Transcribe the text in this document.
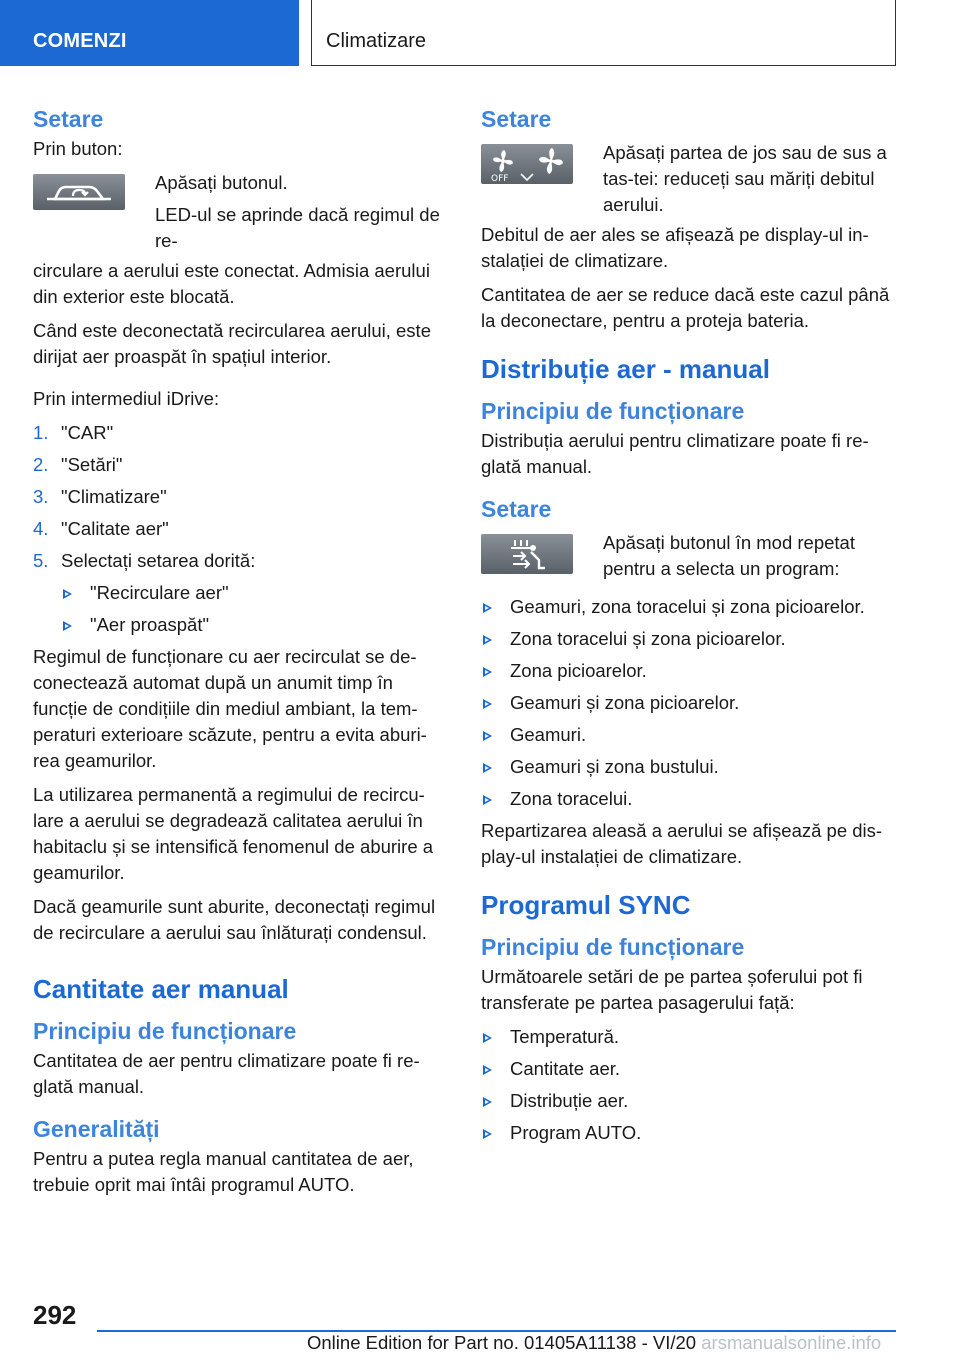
COMENZI	Climatizare
Setare

Prin buton:

Apăsați butonul.

LED-ul se aprinde dacă regimul de re-

circulare a aerului este conectat. Admisia aerului din exterior este blocată.

Când este deconectată recircularea aerului, este dirijat aer proaspăt în spațiul interior.

Prin intermediul iDrive:

1. "CAR"
2. "Setări"
3. "Climatizare"
4. "Calitate aer"
5. Selectați setarea dorită:
"Recirculare aer"
"Aer proaspăt"

Regimul de funcționare cu aer recirculat se de-conectează automat după un anumit timp în funcție de condițiile din mediul ambiant, la tem-peraturi exterioare scăzute, pentru a evita aburi-rea geamurilor.

La utilizarea permanentă a regimului de recircu-lare a aerului se degradează calitatea aerului în habitaclu și se intensifică fenomenul de aburire a geamurilor.

Dacă geamurile sunt aburite, deconectați regimul de recirculare a aerului sau înlăturați condensul.

Cantitate aer manual
Principiu de funcționare

Cantitatea de aer pentru climatizare poate fi re-glată manual.

Generalități

Pentru a putea regla manual cantitatea de aer, trebuie oprit mai întâi programul AUTO.

Setare
OFF

Apăsați partea de jos sau de sus a tas-tei: reduceți sau măriți debitul aerului.

Debitul de aer ales se afișează pe display-ul in-stalației de climatizare.

Cantitatea de aer se reduce dacă este cazul până la deconectare, pentru a proteja bateria.

Distribuție aer - manual
Principiu de funcționare

Distribuția aerului pentru climatizare poate fi re-glată manual.

Setare

Apăsați butonul în mod repetat pentru a selecta un program:

Geamuri, zona toracelui și zona picioarelor.
Zona toracelui și zona picioarelor.
Zona picioarelor.
Geamuri și zona picioarelor.
Geamuri.
Geamuri și zona bustului.
Zona toracelui.

Repartizarea aleasă a aerului se afișează pe dis-play-ul instalației de climatizare.

Programul SYNC
Principiu de funcționare

Următoarele setări de pe partea șoferului pot fi transferate pe partea pasagerului față:

Temperatură.
Cantitate aer.
Distribuție aer.
Program AUTO.
292
Online Edition for Part no. 01405A11138 - VI/20 arsmanualsonline.info
